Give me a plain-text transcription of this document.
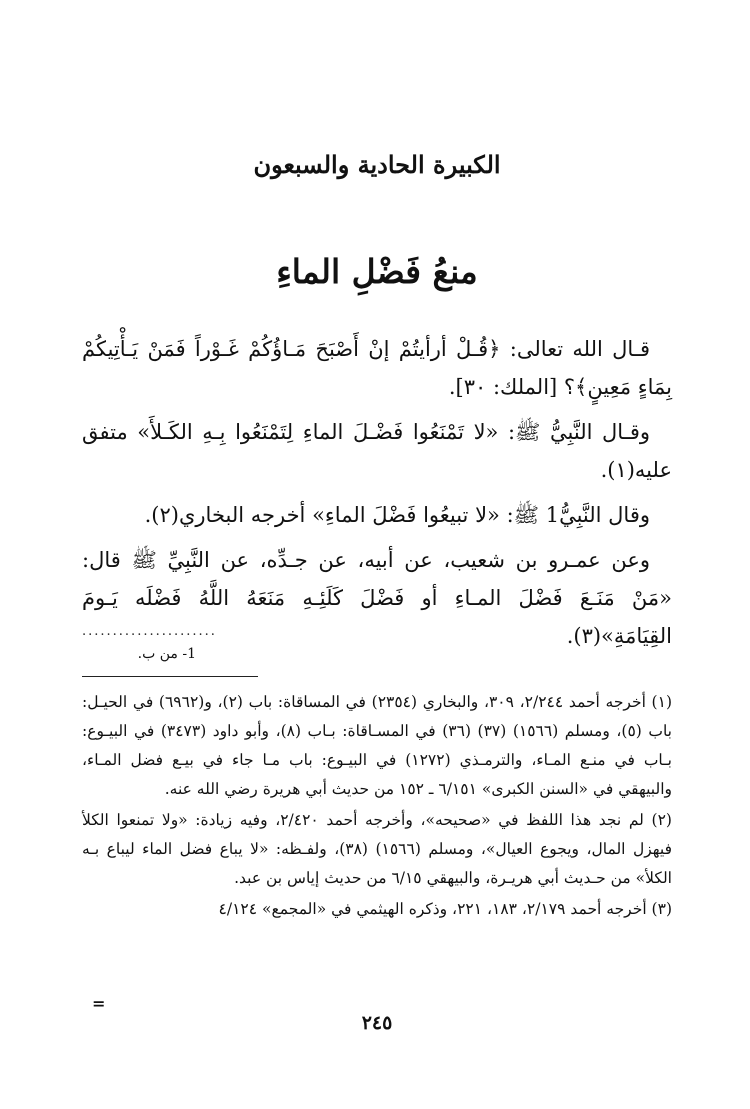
الكبيرة الحادية والسبعون
منعُ فَضْلِ الماءِ

قـال الله تعالى: ﴿قُـلْ أرأيتُمْ إنْ أَصْبَحَ مَـاؤُكُمْ غَـوْراً فَمَنْ يَـأْتِيكُمْ بِمَاءٍ مَعِينٍ﴾؟ [الملك: ٣٠].

وقـال النَّبِيُّ ﷺ: «لا تَمْنَعُوا فَضْـلَ الماءِ لِتَمْنَعُوا بِـهِ الكَـلأَ» متفق عليه(١).

وقال النَّبِيُّ1 ﷺ: «لا تبيعُوا فَضْلَ الماءِ» أخرجه البخاري(٢).

وعن عمـرو بن شعيب، عن أبيه، عن جـدِّه، عن النَّبِيِّ ﷺ قال: «مَنْ مَنَـعَ فَضْلَ المـاءِ أو فَضْلَ كَلَئِـهِ مَنَعَهُ اللَّهُ فَضْلَه يَـومَ القِيَامَةِ»(٣).

......................
1- من ب.

(١) أخرجه أحمد ٢/٢٤٤، ٣٠٩، والبخاري (٢٣٥٤) في المساقاة: باب (٢)، و(٦٩٦٢) في الحيـل: باب (٥)، ومسلم (١٥٦٦) (٣٧) (٣٦) في المسـاقاة: بـاب (٨)، وأبو داود (٣٤٧٣) في البيـوع: بـاب في منـع المـاء، والترمـذي (١٢٧٢) في البيـوع: باب مـا جاء في بيـع فضل المـاء، والبيهقي في «السنن الكبرى» ٦/١٥١ ـ ١٥٢ من حديث أبي هريرة رضي الله عنه.

(٢) لم نجد هذا اللفظ في «صحيحه»، وأخرجه أحمد ٢/٤٢٠، وفيه زيادة: «ولا تمنعوا الكلأ فيهزل المال، ويجوع العيال»، ومسلم (١٥٦٦) (٣٨)، ولفـظه: «لا يباع فضل الماء ليباع بـه الكلأ» من حـديث أبي هريـرة، والبيهقي ٦/١٥ من حديث إياس بن عبد.

(٣) أخرجه أحمد ٢/١٧٩، ١٨٣، ٢٢١، وذكره الهيثمي في «المجمع» ٤/١٢٤

=
٢٤٥
